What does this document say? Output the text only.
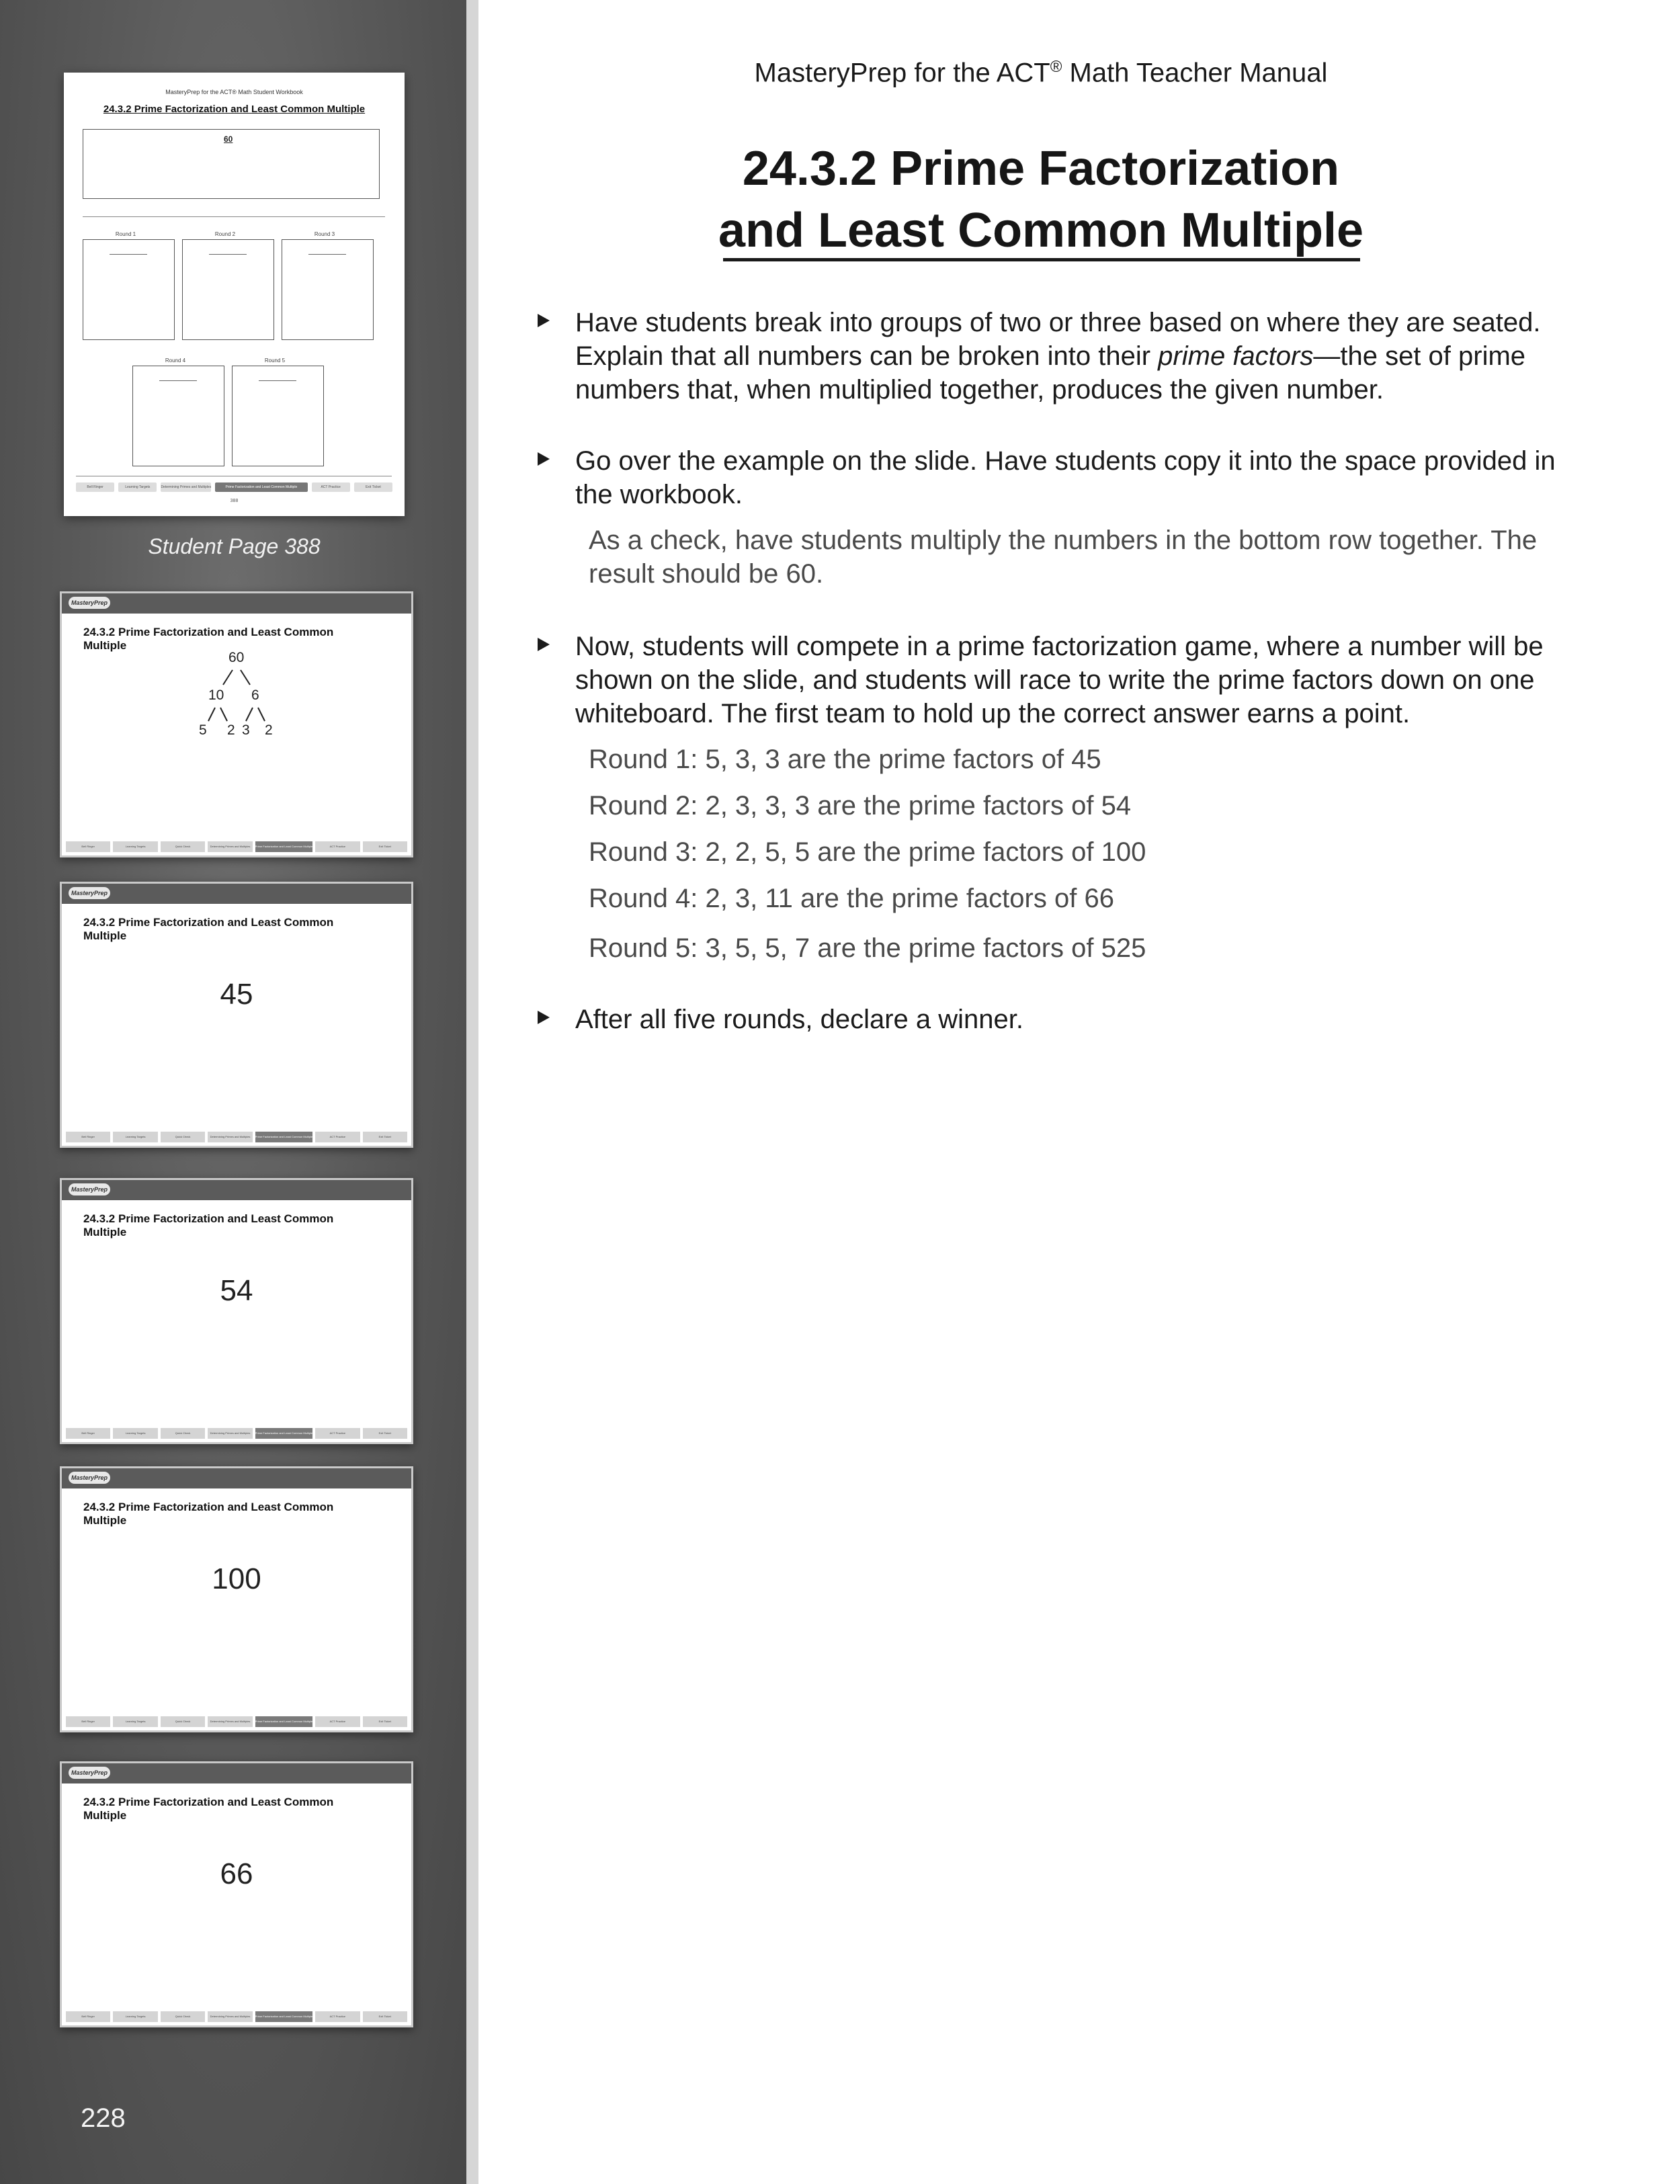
MasteryPrep for the ACT® Math Student Workbook
24.3.2 Prime Factorization and Least Common Multiple
60
Round 1	Round 2	Round 3
Round 4	Round 5
Bell Ringer	Learning Targets	Determining Primes and Multiples	Prime Factorization and Least Common Multiple	ACT Practice	Exit Ticket
388
Student Page 388
MasteryPrep
24.3.2 Prime Factorization and Least Common Multiple
60
10 6
5 2 3 2
Bell Ringer	Learning Targets	Quick Check	Determining Primes and Multiples	Prime Factorization and Least Common Multiple	ACT Practice	Exit Ticket
MasteryPrep
24.3.2 Prime Factorization and Least Common Multiple
45
Bell Ringer	Learning Targets	Quick Check	Determining Primes and Multiples	Prime Factorization and Least Common Multiple	ACT Practice	Exit Ticket
MasteryPrep
24.3.2 Prime Factorization and Least Common Multiple
54
Bell Ringer	Learning Targets	Quick Check	Determining Primes and Multiples	Prime Factorization and Least Common Multiple	ACT Practice	Exit Ticket
MasteryPrep
24.3.2 Prime Factorization and Least Common Multiple
100
Bell Ringer	Learning Targets	Quick Check	Determining Primes and Multiples	Prime Factorization and Least Common Multiple	ACT Practice	Exit Ticket
MasteryPrep
24.3.2 Prime Factorization and Least Common Multiple
66
Bell Ringer	Learning Targets	Quick Check	Determining Primes and Multiples	Prime Factorization and Least Common Multiple	ACT Practice	Exit Ticket
228
MasteryPrep for the ACT® Math Teacher Manual
24.3.2 Prime Factorization
and Least Common Multiple
Have students break into groups of two or three based on where they are seated. Explain that all numbers can be broken into their prime factors—the set of prime numbers that, when multiplied together, produces the given number.
Go over the example on the slide. Have students copy it into the space provided in the workbook.
As a check, have students multiply the numbers in the bottom row together. The result should be 60.
Now, students will compete in a prime factorization game, where a number will be shown on the slide, and students will race to write the prime factors down on one whiteboard. The first team to hold up the correct answer earns a point.
Round 1: 5, 3, 3 are the prime factors of 45
Round 2: 2, 3, 3, 3 are the prime factors of 54
Round 3: 2, 2, 5, 5 are the prime factors of 100
Round 4: 2, 3, 11 are the prime factors of 66
Round 5: 3, 5, 5, 7 are the prime factors of 525
After all five rounds, declare a winner.
